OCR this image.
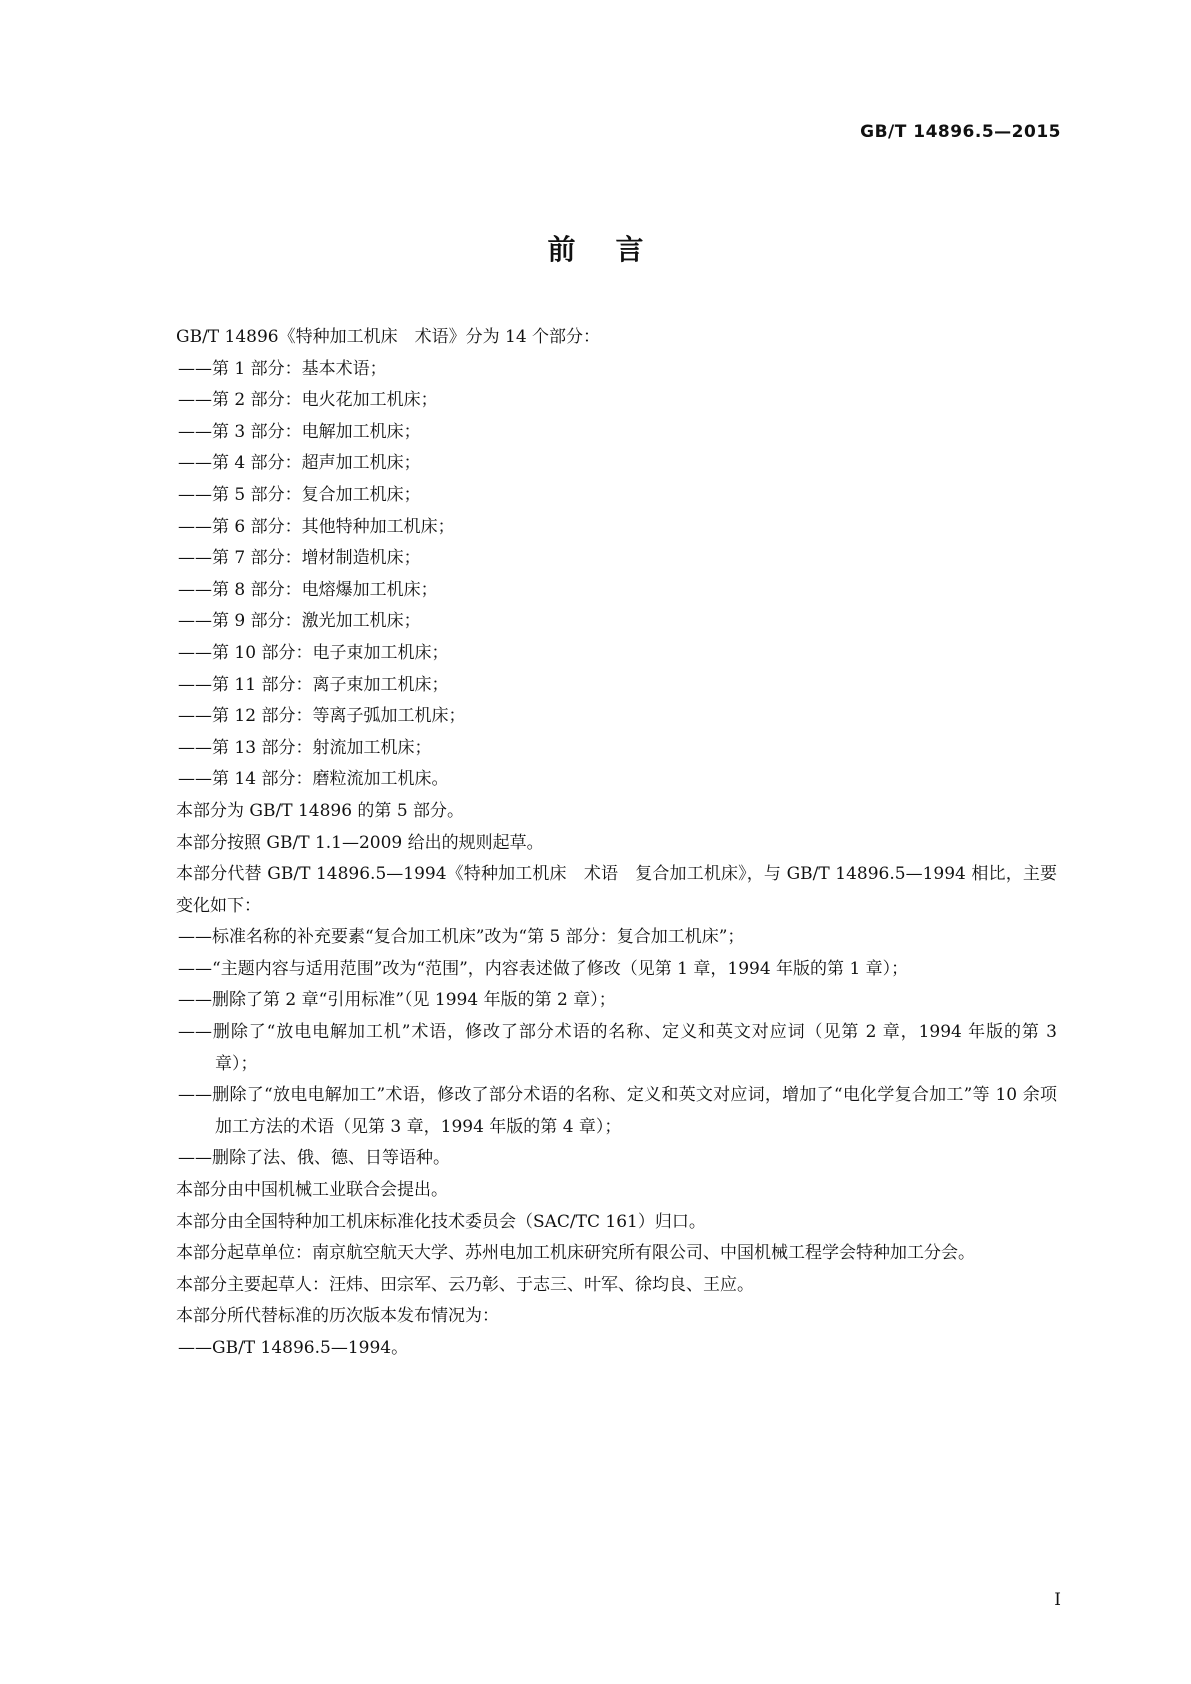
GB/T 14896.5—2015
前言

GB/T 14896《特种加工机床　术语》分为 14 个部分：

——第 1 部分：基本术语；

——第 2 部分：电火花加工机床；

——第 3 部分：电解加工机床；

——第 4 部分：超声加工机床；

——第 5 部分：复合加工机床；

——第 6 部分：其他特种加工机床；

——第 7 部分：增材制造机床；

——第 8 部分：电熔爆加工机床；

——第 9 部分：激光加工机床；

——第 10 部分：电子束加工机床；

——第 11 部分：离子束加工机床；

——第 12 部分：等离子弧加工机床；

——第 13 部分：射流加工机床；

——第 14 部分：磨粒流加工机床。

本部分为 GB/T 14896 的第 5 部分。

本部分按照 GB/T 1.1—2009 给出的规则起草。

本部分代替 GB/T 14896.5—1994《特种加工机床　术语　复合加工机床》，与 GB/T 14896.5—1994 相比，主要变化如下：

——标准名称的补充要素“复合加工机床”改为“第 5 部分：复合加工机床”；

——“主题内容与适用范围”改为“范围”，内容表述做了修改（见第 1 章，1994 年版的第 1 章）；

——删除了第 2 章“引用标准”（见 1994 年版的第 2 章）；

——删除了“放电电解加工机”术语，修改了部分术语的名称、定义和英文对应词（见第 2 章，1994 年版的第 3 章）；

——删除了“放电电解加工”术语，修改了部分术语的名称、定义和英文对应词，增加了“电化学复合加工”等 10 余项加工方法的术语（见第 3 章，1994 年版的第 4 章）；

——删除了法、俄、德、日等语种。

本部分由中国机械工业联合会提出。

本部分由全国特种加工机床标准化技术委员会（SAC/TC 161）归口。

本部分起草单位：南京航空航天大学、苏州电加工机床研究所有限公司、中国机械工程学会特种加工分会。

本部分主要起草人：汪炜、田宗军、云乃彰、于志三、叶军、徐均良、王应。

本部分所代替标准的历次版本发布情况为：

——GB/T 14896.5—1994。

I
